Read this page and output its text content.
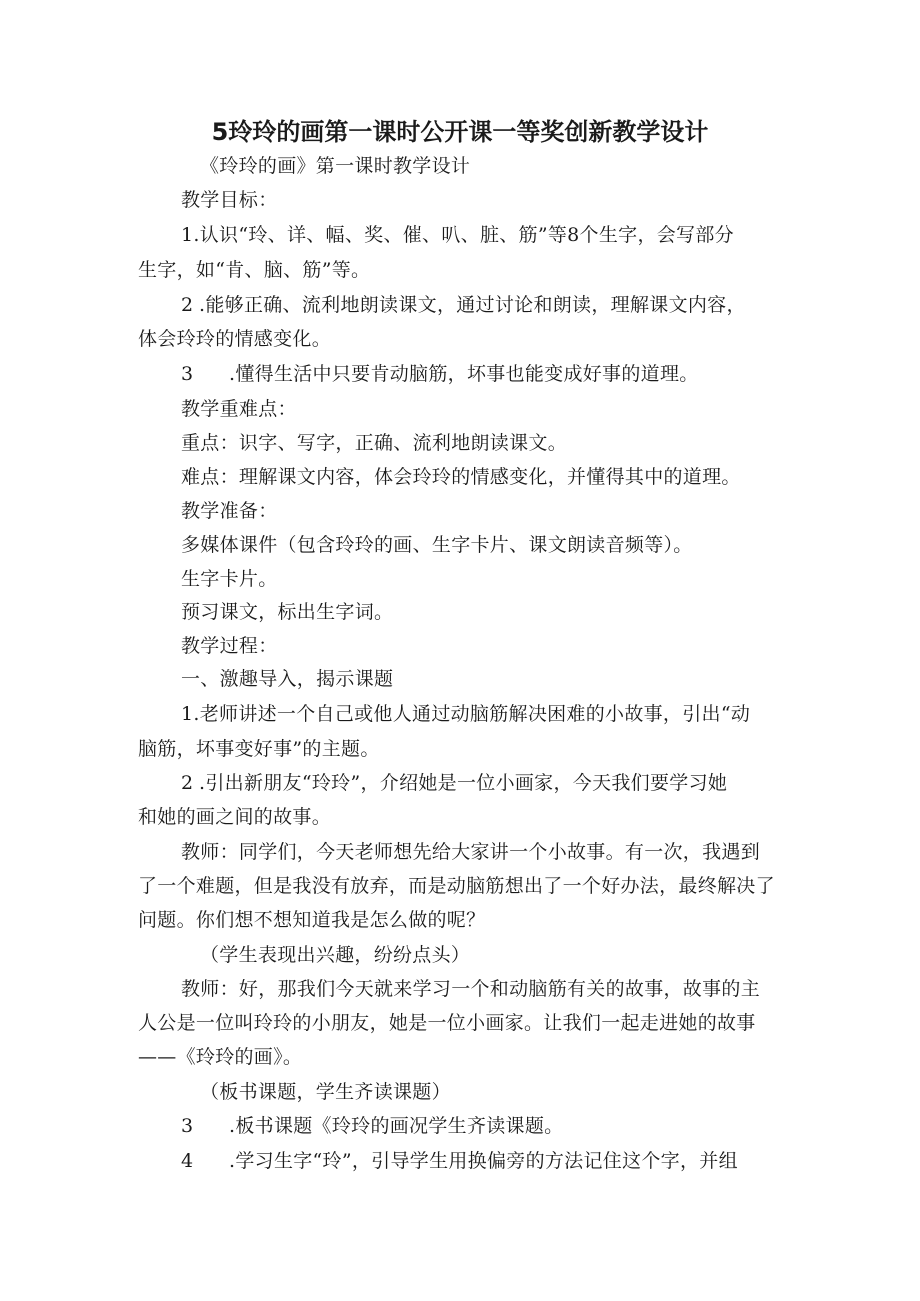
5玲玲的画第一课时公开课一等奖创新教学设计
《玲玲的画》第一课时教学设计
教学目标：
1.认识“玲、详、幅、奖、催、叭、脏、筋”等8个生字，会写部分
生字，如“肯、脑、筋”等。
2 .能够正确、流利地朗读课文，通过讨论和朗读，理解课文内容，
体会玲玲的情感变化。
3 .懂得生活中只要肯动脑筋，坏事也能变成好事的道理。
教学重难点：
重点：识字、写字，正确、流利地朗读课文。
难点：理解课文内容，体会玲玲的情感变化，并懂得其中的道理。
教学准备：
多媒体课件（包含玲玲的画、生字卡片、课文朗读音频等）。
生字卡片。
预习课文，标出生字词。
教学过程：
一、激趣导入，揭示课题
1.老师讲述一个自己或他人通过动脑筋解决困难的小故事，引出“动
脑筋，坏事变好事”的主题。
2 .引出新朋友“玲玲”，介绍她是一位小画家，今天我们要学习她
和她的画之间的故事。
教师：同学们，今天老师想先给大家讲一个小故事。有一次，我遇到
了一个难题，但是我没有放弃，而是动脑筋想出了一个好办法，最终解决了
问题。你们想不想知道我是怎么做的呢？
（学生表现出兴趣，纷纷点头）
教师：好，那我们今天就来学习一个和动脑筋有关的故事，故事的主
人公是一位叫玲玲的小朋友，她是一位小画家。让我们一起走进她的故事
——《玲玲的画》。
（板书课题，学生齐读课题）
3 .板书课题《玲玲的画况学生齐读课题。
4 .学习生字“玲”，引导学生用换偏旁的方法记住这个字，并组
